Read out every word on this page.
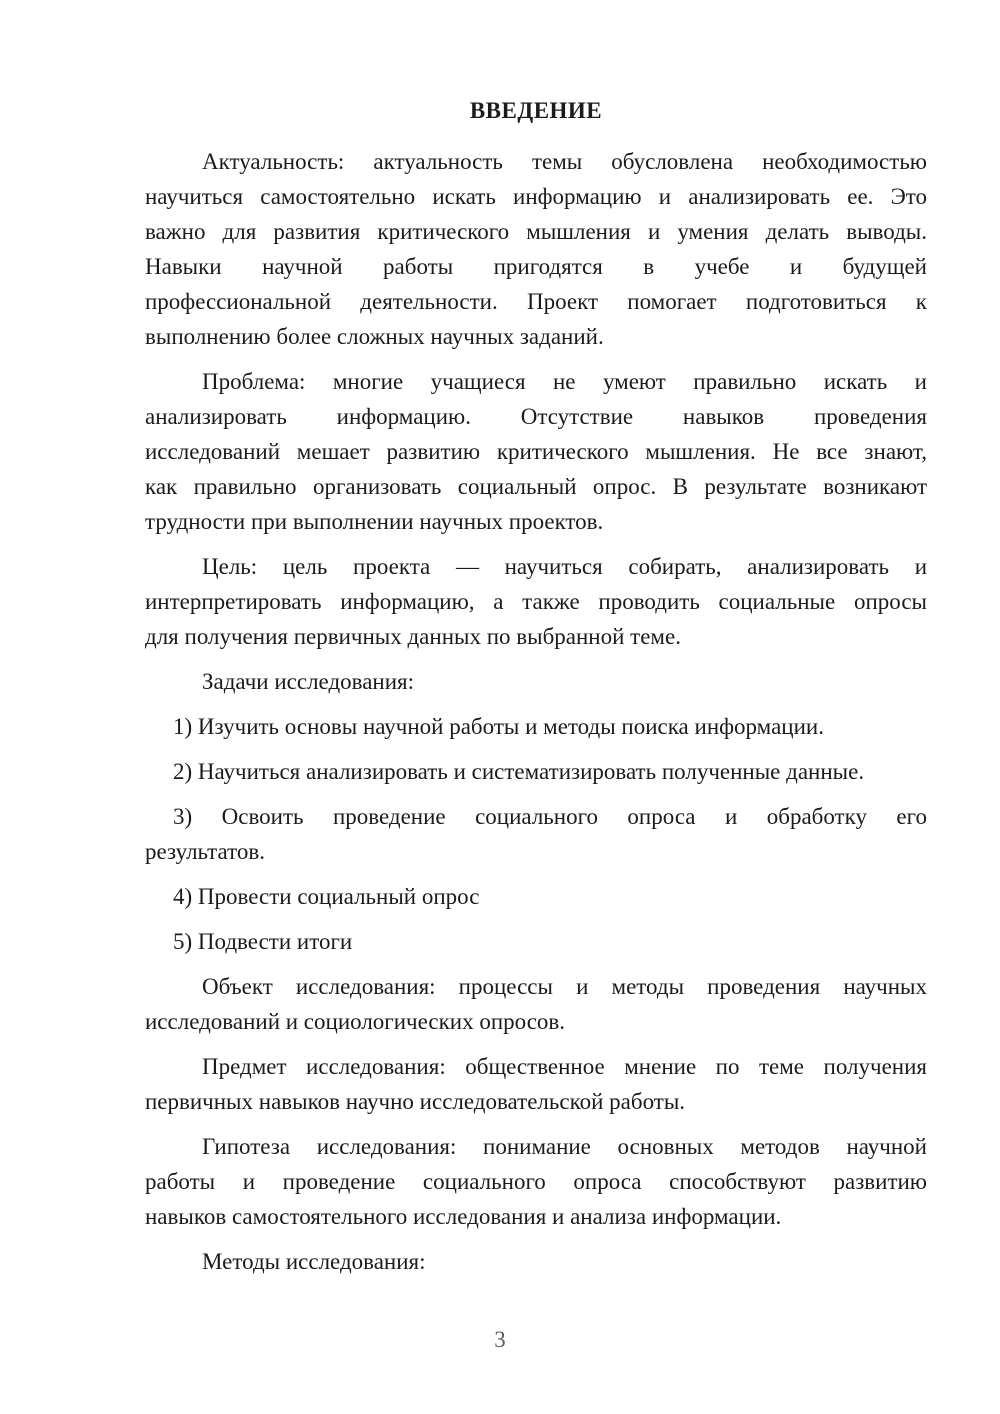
ВВЕДЕНИЕ
Актуальность: актуальность темы обусловлена необходимостью
научиться самостоятельно искать информацию и анализировать ее. Это
важно для развития критического мышления и умения делать выводы.
Навыки научной работы пригодятся в учебе и будущей
профессиональной деятельности. Проект помогает подготовиться к
выполнению более сложных научных заданий.
Проблема: многие учащиеся не умеют правильно искать и
анализировать информацию. Отсутствие навыков проведения
исследований мешает развитию критического мышления. Не все знают,
как правильно организовать социальный опрос. В результате возникают
трудности при выполнении научных проектов.
Цель: цель проекта — научиться собирать, анализировать и
интерпретировать информацию, а также проводить социальные опросы
для получения первичных данных по выбранной теме.
Задачи исследования:
1) Изучить основы научной работы и методы поиска информации.
2) Научиться анализировать и систематизировать полученные данные.
3) Освоить проведение социального опроса и обработку его
результатов.
4) Провести социальный опрос
5) Подвести итоги
Объект исследования: процессы и методы проведения научных
исследований и социологических опросов.
Предмет исследования: общественное мнение по теме получения
первичных навыков научно исследовательской работы.
Гипотеза исследования: понимание основных методов научной
работы и проведение социального опроса способствуют развитию
навыков самостоятельного исследования и анализа информации.
Методы исследования:
3
